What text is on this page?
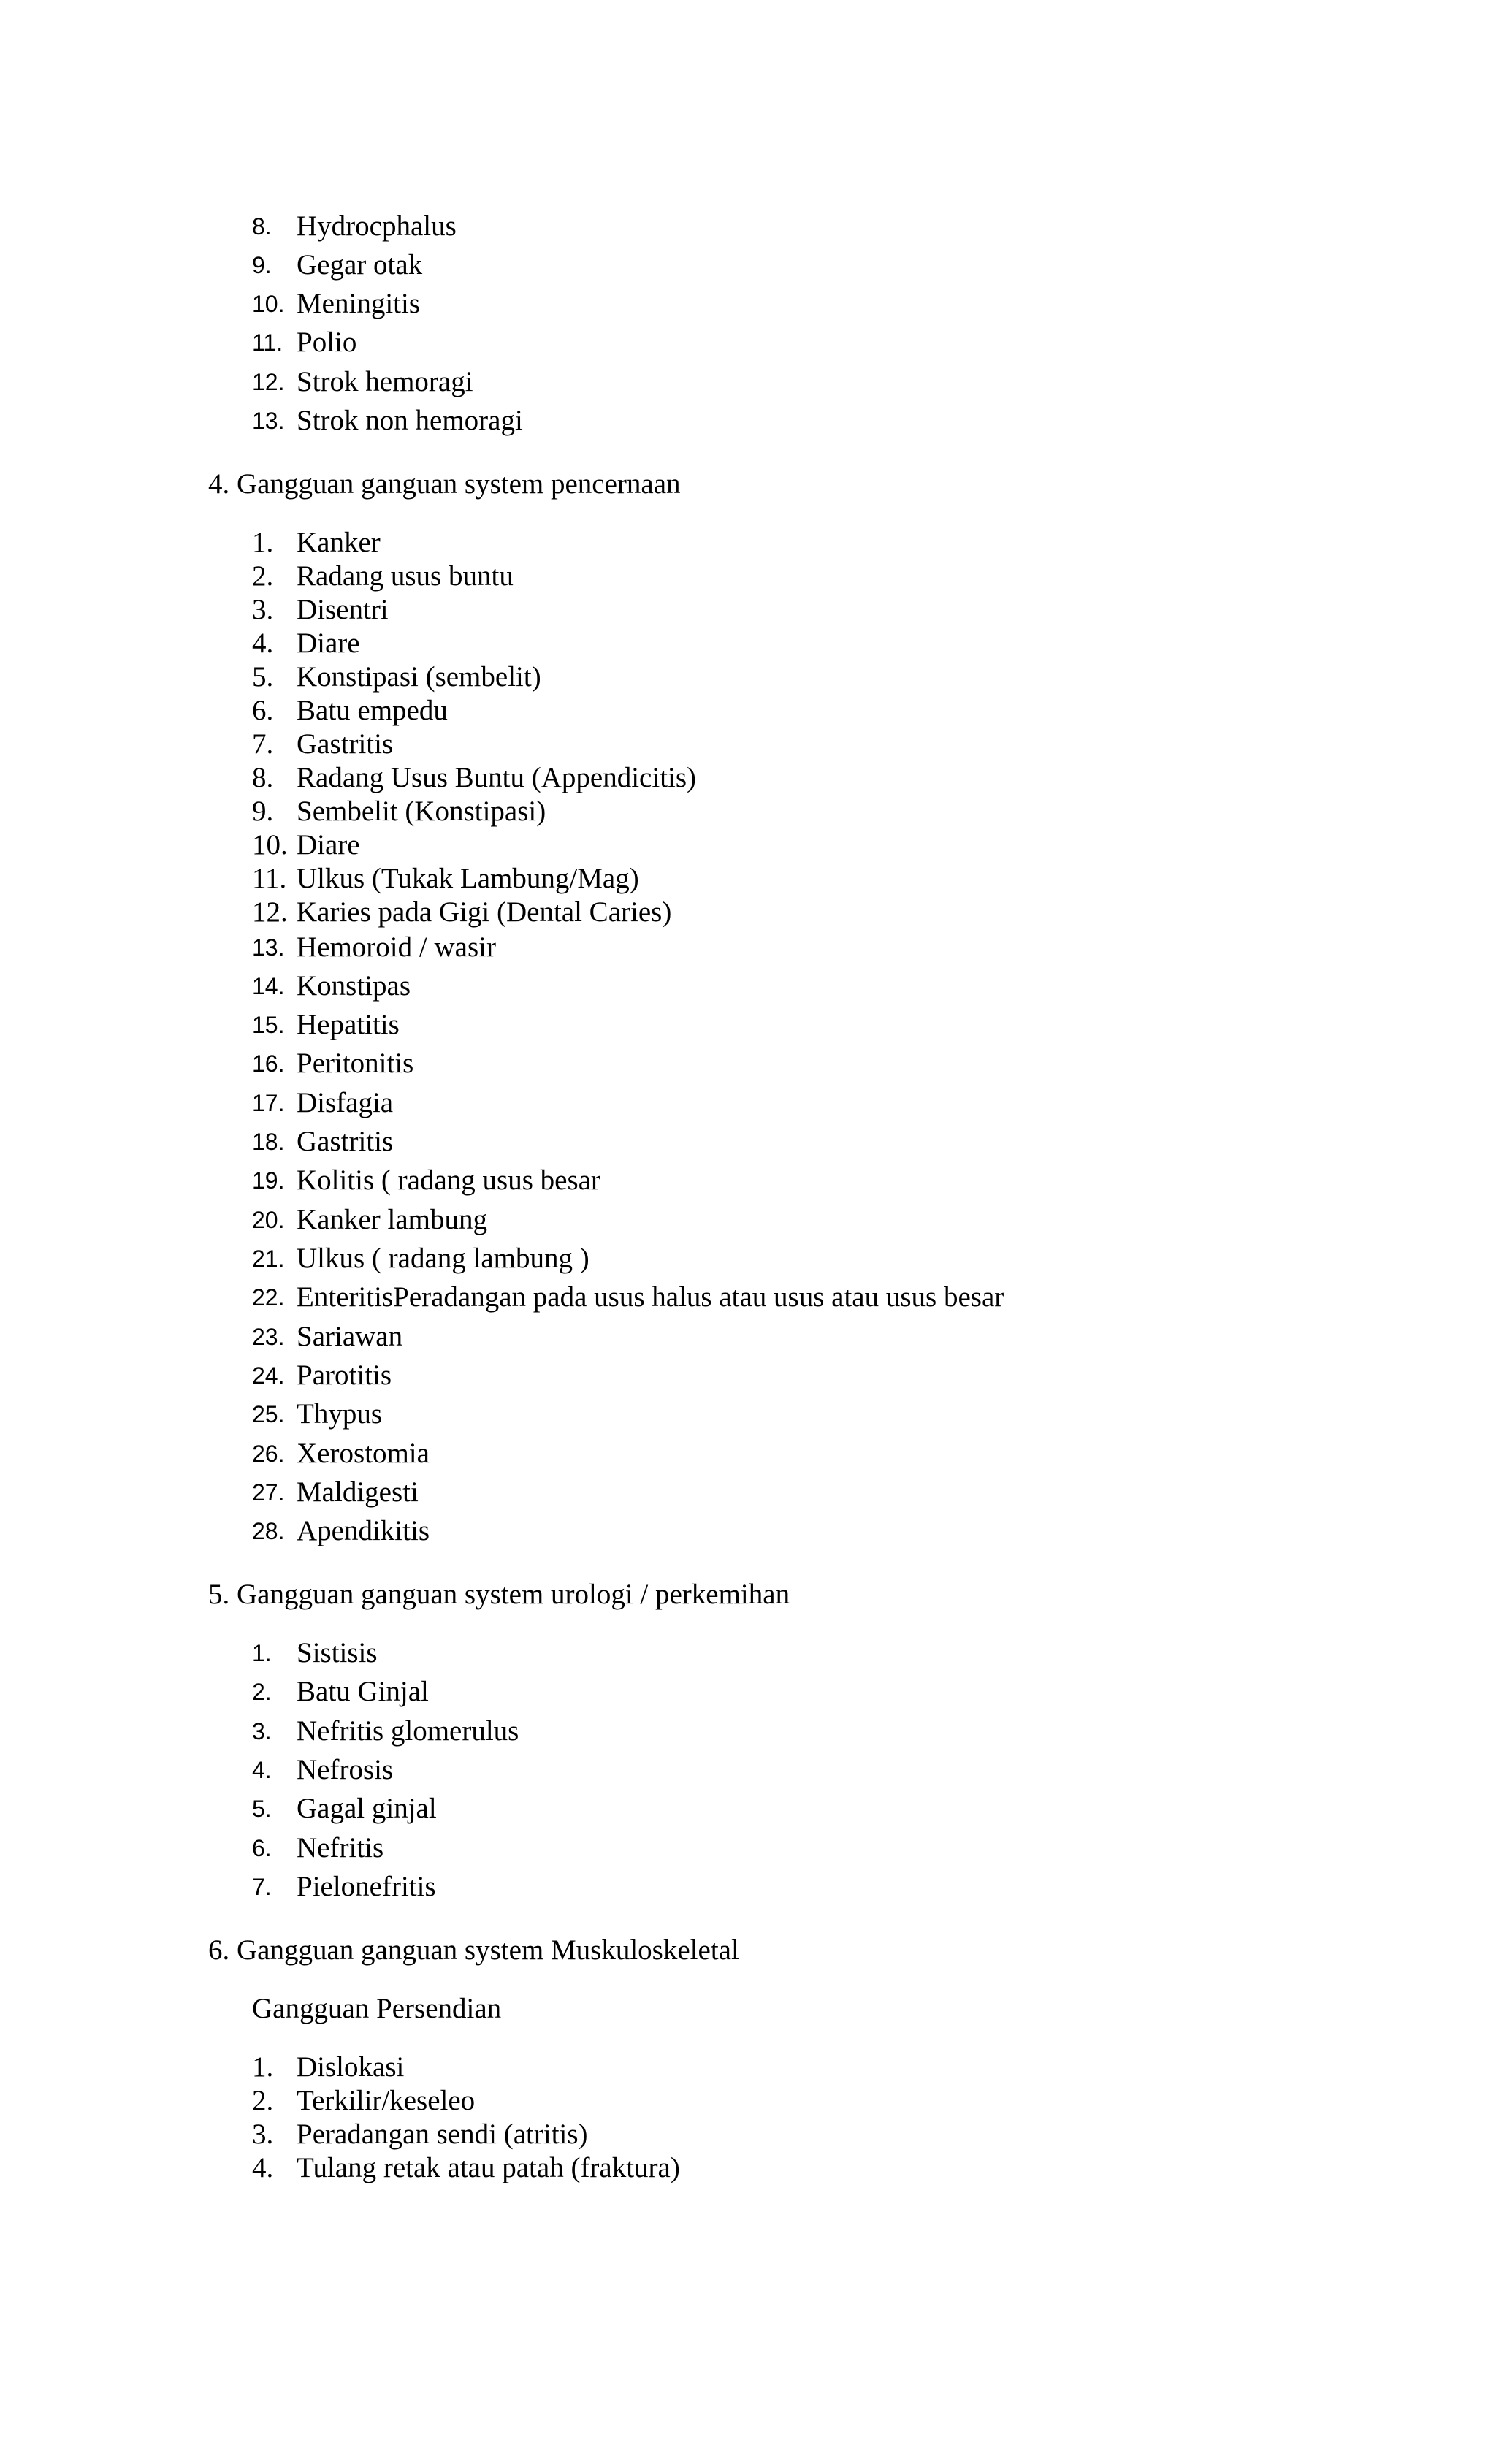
8. Hydrocphalus
9. Gegar otak
10. Meningitis
11. Polio
12. Strok hemoragi
13. Strok non hemoragi
4. Gangguan ganguan system pencernaan
1. Kanker
2. Radang usus buntu
3. Disentri
4. Diare
5. Konstipasi (sembelit)
6. Batu empedu
7. Gastritis
8. Radang Usus Buntu (Appendicitis)
9. Sembelit (Konstipasi)
10. Diare
11. Ulkus (Tukak Lambung/Mag)
12. Karies pada Gigi (Dental Caries)
13. Hemoroid / wasir
14. Konstipas
15. Hepatitis
16. Peritonitis
17. Disfagia
18. Gastritis
19. Kolitis ( radang usus besar
20. Kanker lambung
21. Ulkus ( radang lambung )
22. EnteritisPeradangan pada usus halus atau usus atau usus besar
23. Sariawan
24. Parotitis
25. Thypus
26. Xerostomia
27. Maldigesti
28. Apendikitis
5. Gangguan ganguan system urologi / perkemihan
1. Sistisis
2. Batu Ginjal
3. Nefritis glomerulus
4. Nefrosis
5. Gagal ginjal
6. Nefritis
7. Pielonefritis
6. Gangguan ganguan system Muskuloskeletal
Gangguan Persendian
1. Dislokasi
2. Terkilir/keseleo
3. Peradangan sendi (atritis)
4. Tulang retak atau patah (fraktura)
